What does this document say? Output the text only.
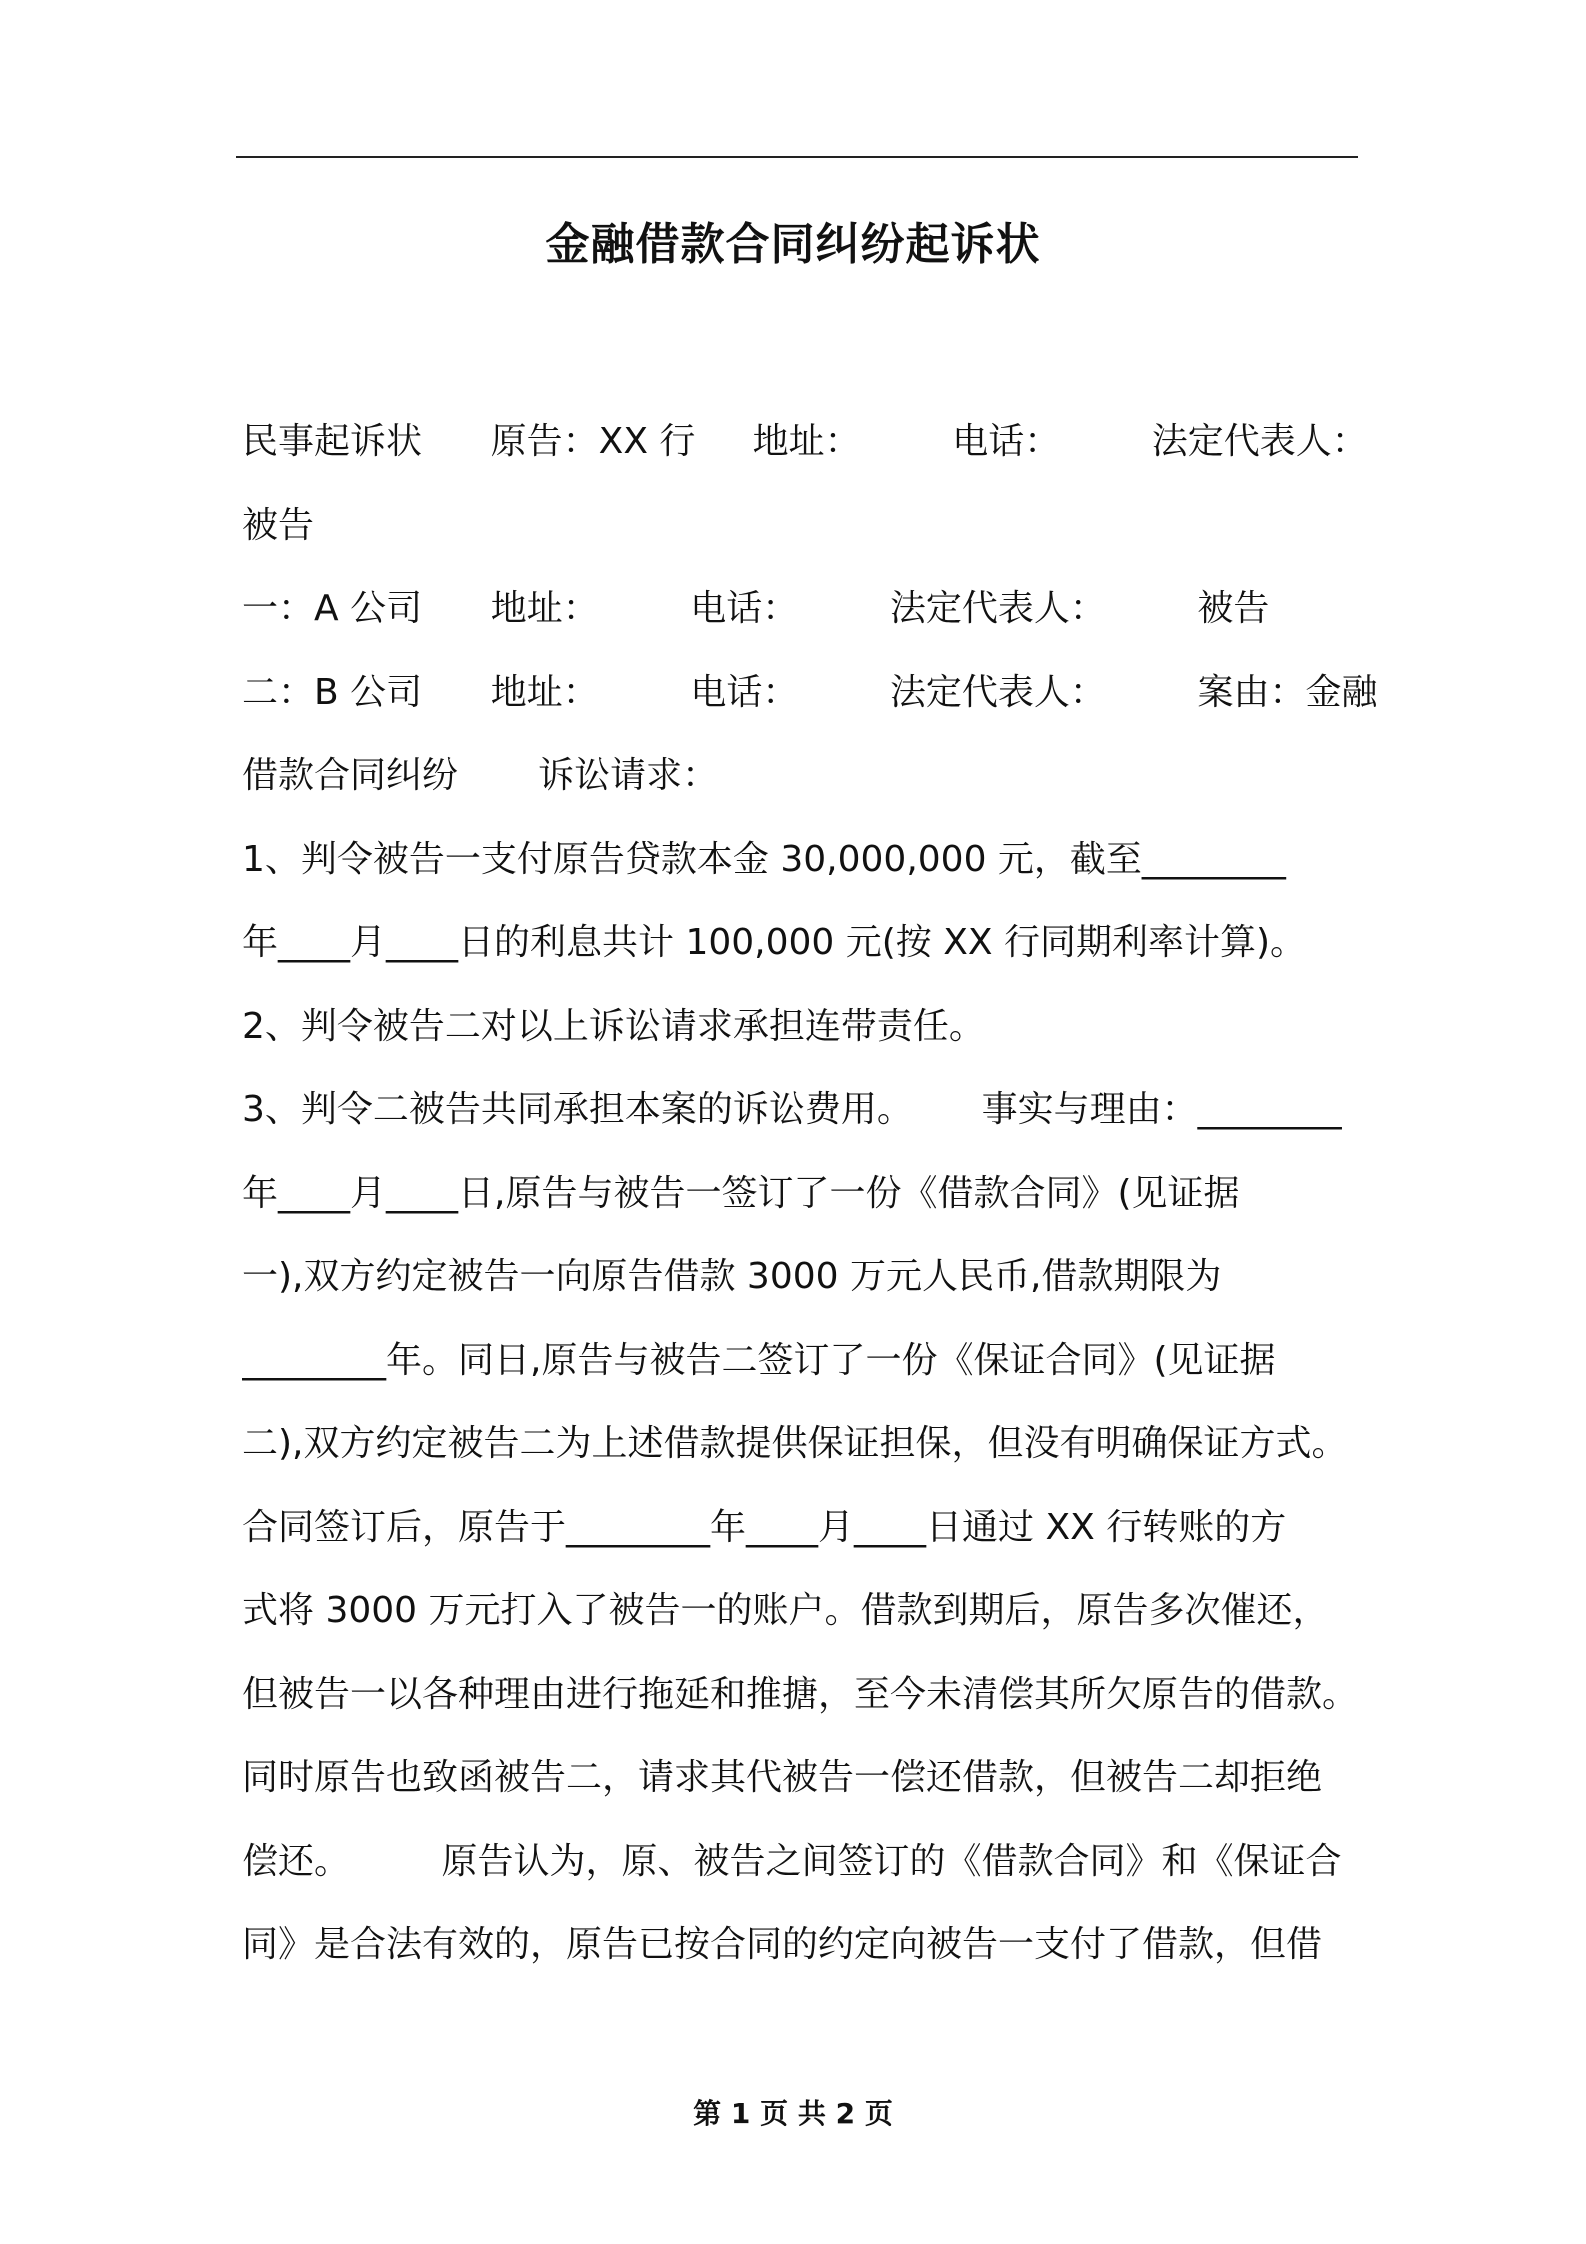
金融借款合同纠纷起诉状
民事起诉状      原告：XX 行     地址：        电话：        法定代表人：
被告
一：A 公司      地址：        电话：        法定代表人：        被告
二：B 公司      地址：        电话：        法定代表人：        案由：金融
借款合同纠纷       诉讼请求：
1、判令被告一支付原告贷款本金 30,000,000 元，截至________
年____月____日的利息共计 100,000 元(按 XX 行同期利率计算)。
2、判令被告二对以上诉讼请求承担连带责任。
3、判令二被告共同承担本案的诉讼费用。      事实与理由：________
年____月____日,原告与被告一签订了一份《借款合同》(见证据
一),双方约定被告一向原告借款 3000 万元人民币,借款期限为
________年。同日,原告与被告二签订了一份《保证合同》(见证据
二),双方约定被告二为上述借款提供保证担保，但没有明确保证方式。
合同签订后，原告于________年____月____日通过 XX 行转账的方
式将 3000 万元打入了被告一的账户。借款到期后，原告多次催还，
但被告一以各种理由进行拖延和推搪，至今未清偿其所欠原告的借款。
同时原告也致函被告二，请求其代被告一偿还借款，但被告二却拒绝
偿还。        原告认为，原、被告之间签订的《借款合同》和《保证合
同》是合法有效的，原告已按合同的约定向被告一支付了借款，但借
第 1 页 共 2 页
